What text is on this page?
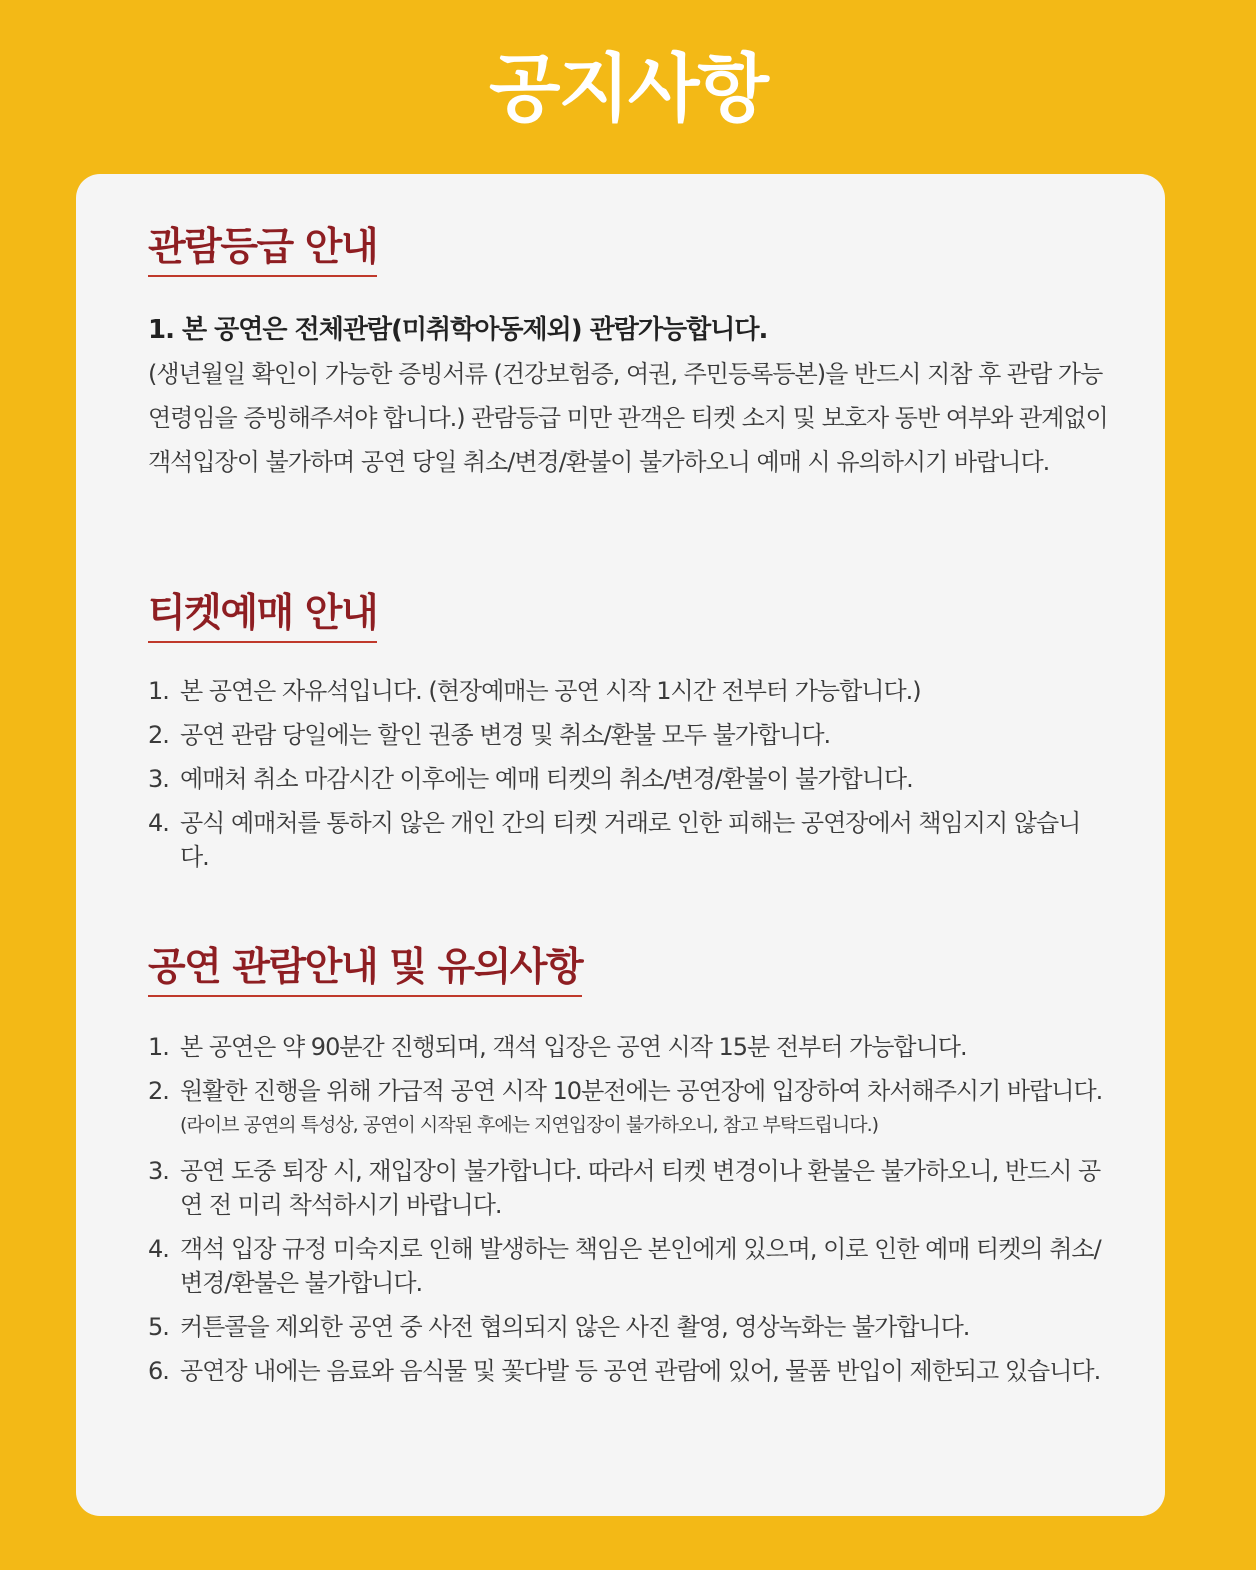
공지사항
관람등급 안내
1. 본 공연은 전체관람(미취학아동제외) 관람가능합니다.
(생년월일 확인이 가능한 증빙서류 (건강보험증, 여권, 주민등록등본)을 반드시 지참 후 관람 가능 연령임을 증빙해주셔야 합니다.) 관람등급 미만 관객은 티켓 소지 및 보호자 동반 여부와 관계없이 객석입장이 불가하며 공연 당일 취소/변경/환불이 불가하오니 예매 시 유의하시기 바랍니다.
티켓예매 안내
1. 본 공연은 자유석입니다. (현장예매는 공연 시작 1시간 전부터 가능합니다.)
2. 공연 관람 당일에는 할인 권종 변경 및 취소/환불 모두 불가합니다.
3. 예매처 취소 마감시간 이후에는 예매 티켓의 취소/변경/환불이 불가합니다.
4. 공식 예매처를 통하지 않은 개인 간의 티켓 거래로 인한 피해는 공연장에서 책임지지 않습니다.
공연 관람안내 및 유의사항
1. 본 공연은 약 90분간 진행되며, 객석 입장은 공연 시작 15분 전부터 가능합니다.
2. 원활한 진행을 위해 가급적 공연 시작 10분전에는 공연장에 입장하여 차서해주시기 바랍니다.
(라이브 공연의 특성상, 공연이 시작된 후에는 지연입장이 불가하오니, 참고 부탁드립니다.)
3. 공연 도중 퇴장 시, 재입장이 불가합니다. 따라서 티켓 변경이나 환불은 불가하오니, 반드시 공연 전 미리 착석하시기 바랍니다.
4. 객석 입장 규정 미숙지로 인해 발생하는 책임은 본인에게 있으며, 이로 인한 예매 티켓의 취소/변경/환불은 불가합니다.
5. 커튼콜을 제외한 공연 중 사전 협의되지 않은 사진 촬영, 영상녹화는 불가합니다.
6. 공연장 내에는 음료와 음식물 및 꽃다발 등 공연 관람에 있어, 물품 반입이 제한되고 있습니다.
